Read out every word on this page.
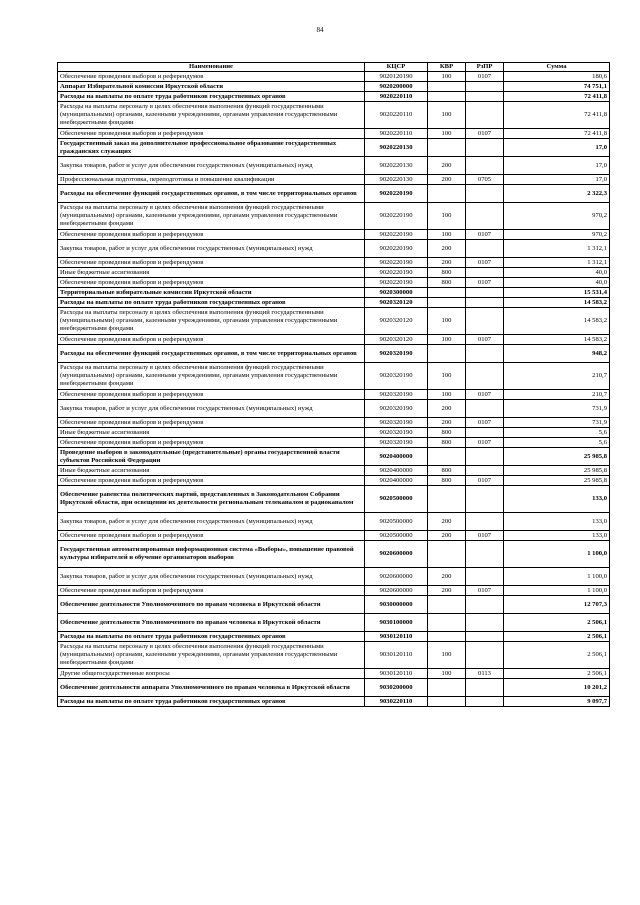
84
Наименование	КЦСР	КВР	РзПР	Сумма
Обеспечение проведения выборов и референдумов	9020120190	100	0107	180,6
Аппарат Избирательной комиссии Иркутской области	9020200000			74 751,1
Расходы на выплаты по оплате труда работников государственных органов	9020220110			72 411,8
Расходы на выплаты персоналу в целях обеспечения выполнения функций государственными (муниципальными) органами, казенными учреждениями, органами управления государственными внебюджетными фондами	9020220110	100		72 411,8
Обеспечение проведения выборов и референдумов	9020220110	100	0107	72 411,8
Государственный заказ на дополнительное профессиональное образование государственных гражданских служащих	9020220130			17,0
Закупка товаров, работ и услуг для обеспечения государственных (муниципальных) нужд	9020220130	200		17,0
Профессиональная подготовка, переподготовка и повышение квалификации	9020220130	200	0705	17,0
Расходы на обеспечение функций государственных органов, в том числе территориальных органов	9020220190			2 322,3
Расходы на выплаты персоналу в целях обеспечения выполнения функций государственными (муниципальными) органами, казенными учреждениями, органами управления государственными внебюджетными фондами	9020220190	100		970,2
Обеспечение проведения выборов и референдумов	9020220190	100	0107	970,2
Закупка товаров, работ и услуг для обеспечения государственных (муниципальных) нужд	9020220190	200		1 312,1
Обеспечение проведения выборов и референдумов	9020220190	200	0107	1 312,1
Иные бюджетные ассигнования	9020220190	800		40,0
Обеспечение проведения выборов и референдумов	9020220190	800	0107	40,0
Территориальные избирательные комиссии Иркутской области	9020300000			15 531,4
Расходы на выплаты по оплате труда работников государственных органов	9020320120			14 583,2
Расходы на выплаты персоналу в целях обеспечения выполнения функций государственными (муниципальными) органами, казенными учреждениями, органами управления государственными внебюджетными фондами	9020320120	100		14 583,2
Обеспечение проведения выборов и референдумов	9020320120	100	0107	14 583,2
Расходы на обеспечение функций государственных органов, в том числе территориальных органов	9020320190			948,2
Расходы на выплаты персоналу в целях обеспечения выполнения функций государственными (муниципальными) органами, казенными учреждениями, органами управления государственными внебюджетными фондами	9020320190	100		210,7
Обеспечение проведения выборов и референдумов	9020320190	100	0107	210,7
Закупка товаров, работ и услуг для обеспечения государственных (муниципальных) нужд	9020320190	200		731,9
Обеспечение проведения выборов и референдумов	9020320190	200	0107	731,9
Иные бюджетные ассигнования	9020320190	800		5,6
Обеспечение проведения выборов и референдумов	9020320190	800	0107	5,6
Проведение выборов в законодательные (представительные) органы государственной власти субъектов Российской Федерации	9020400000			25 985,8
Иные бюджетные ассигнования	9020400000	800		25 985,8
Обеспечение проведения выборов и референдумов	9020400000	800	0107	25 985,8
Обеспечение равенства политических партий, представленных в Законодательном Собрании Иркутской области, при освещении их деятельности региональным телеканалом и радиоканалом	9020500000			133,0
Закупка товаров, работ и услуг для обеспечения государственных (муниципальных) нужд	9020500000	200		133,0
Обеспечение проведения выборов и референдумов	9020500000	200	0107	133,0
Государственная автоматизированная информационная система «Выборы», повышение правовой культуры избирателей и обучение организаторов выборов	9020600000			1 100,0
Закупка товаров, работ и услуг для обеспечения государственных (муниципальных) нужд	9020600000	200		1 100,0
Обеспечение проведения выборов и референдумов	9020600000	200	0107	1 100,0
Обеспечение деятельности Уполномоченного по правам человека в Иркутской области	9030000000			12 707,3
Обеспечение деятельности Уполномоченного по правам человека в Иркутской области	9030100000			2 506,1
Расходы на выплаты по оплате труда работников государственных органов	9030120110			2 506,1
Расходы на выплаты персоналу в целях обеспечения выполнения функций государственными (муниципальными) органами, казенными учреждениями, органами управления государственными внебюджетными фондами	9030120110	100		2 506,1
Другие общегосударственные вопросы	9030120110	100	0113	2 506,1
Обеспечение деятельности аппарата Уполномоченного по правам человека в Иркутской области	9030200000			10 201,2
Расходы на выплаты по оплате труда работников государственных органов	9030220110			9 097,7
